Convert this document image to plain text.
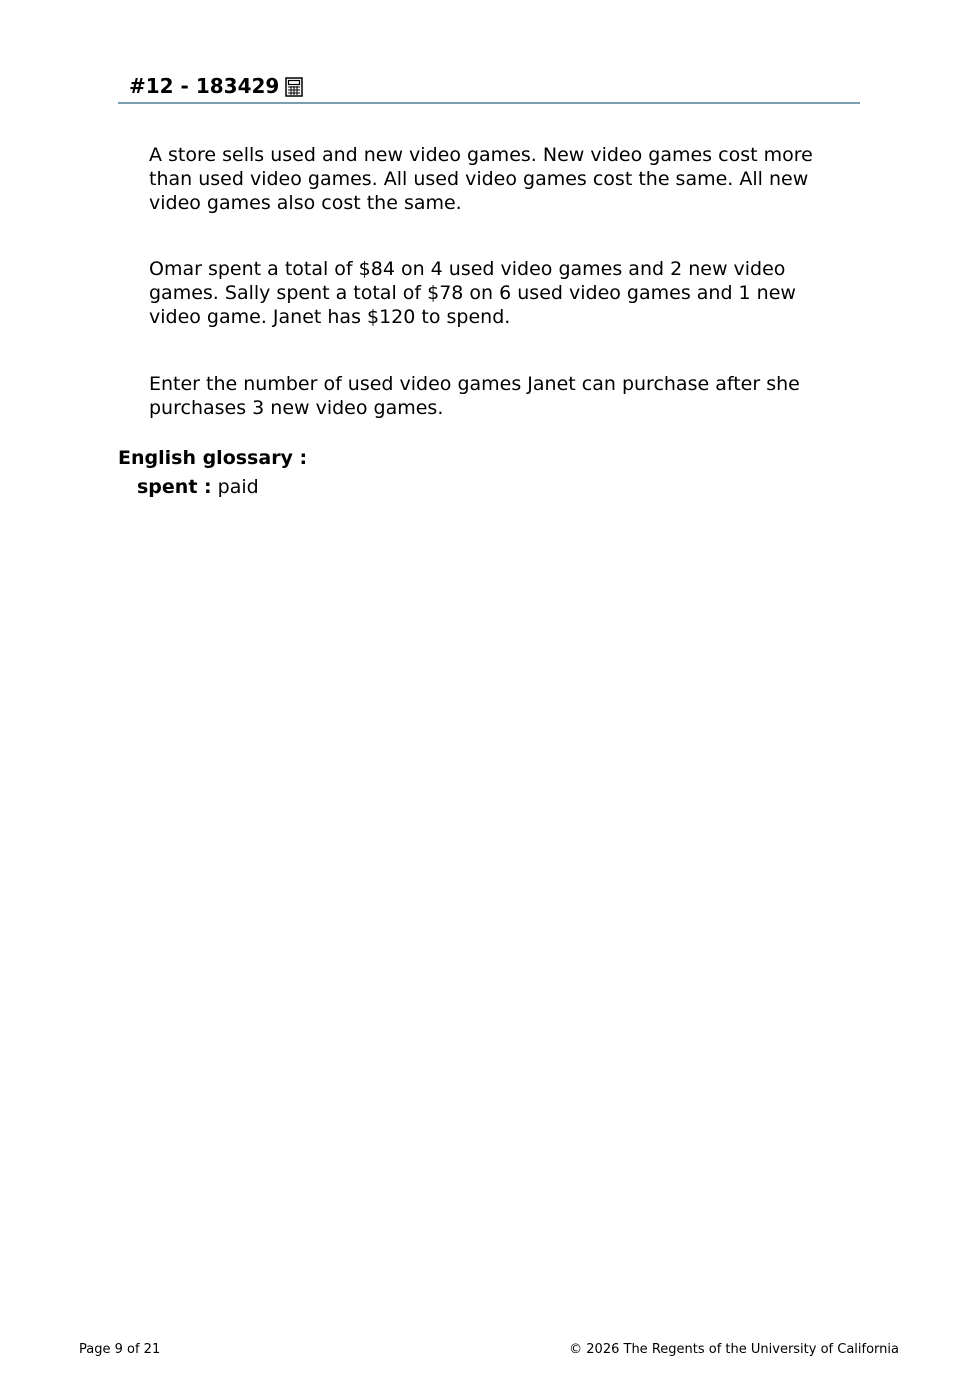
#12 - 183429

A store sells used and new video games. New video games cost more than used video games. All used video games cost the same. All new video games also cost the same.

Omar spent a total of $84 on 4 used video games and 2 new video games. Sally spent a total of $78 on 6 used video games and 1 new video game. Janet has $120 to spend.

Enter the number of used video games Janet can purchase after she purchases 3 new video games.

English glossary :
spent : paid
Page 9 of 21	© 2026 The Regents of the University of California
